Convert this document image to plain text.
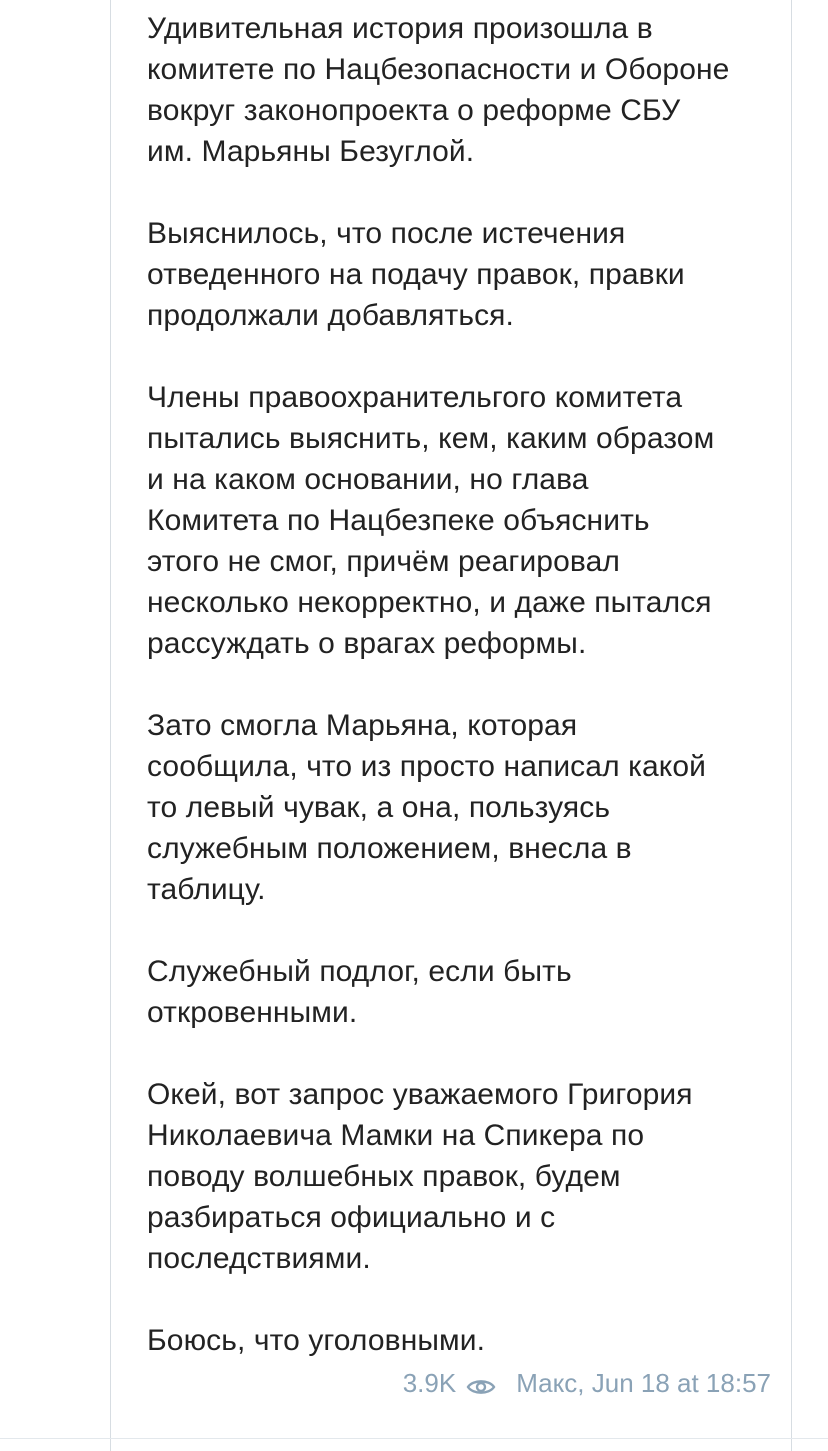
Удивительная история произошла в
комитете по Нацбезопасности и Обороне
вокруг законопроекта о реформе СБУ
им. Марьяны Безуглой.

Выяснилось, что после истечения
отведенного на подачу правок, правки
продолжали добавляться.

Члены правоохранительгого комитета
пытались выяснить, кем, каким образом
и на каком основании, но глава
Комитета по Нацбезпеке объяснить
этого не смог, причём реагировал
несколько некорректно, и даже пытался
рассуждать о врагах реформы.

Зато смогла Марьяна, которая
сообщила, что из просто написал какой
то левый чувак, а она, пользуясь
служебным положением, внесла в
таблицу.

Служебный подлог, если быть
откровенными.

Окей, вот запрос уважаемого Григория
Николаевича Мамки на Спикера по
поводу волшебных правок, будем
разбираться официально и с
последствиями.

Боюсь, что уголовными.

3.9K Макс, Jun 18 at 18:57
